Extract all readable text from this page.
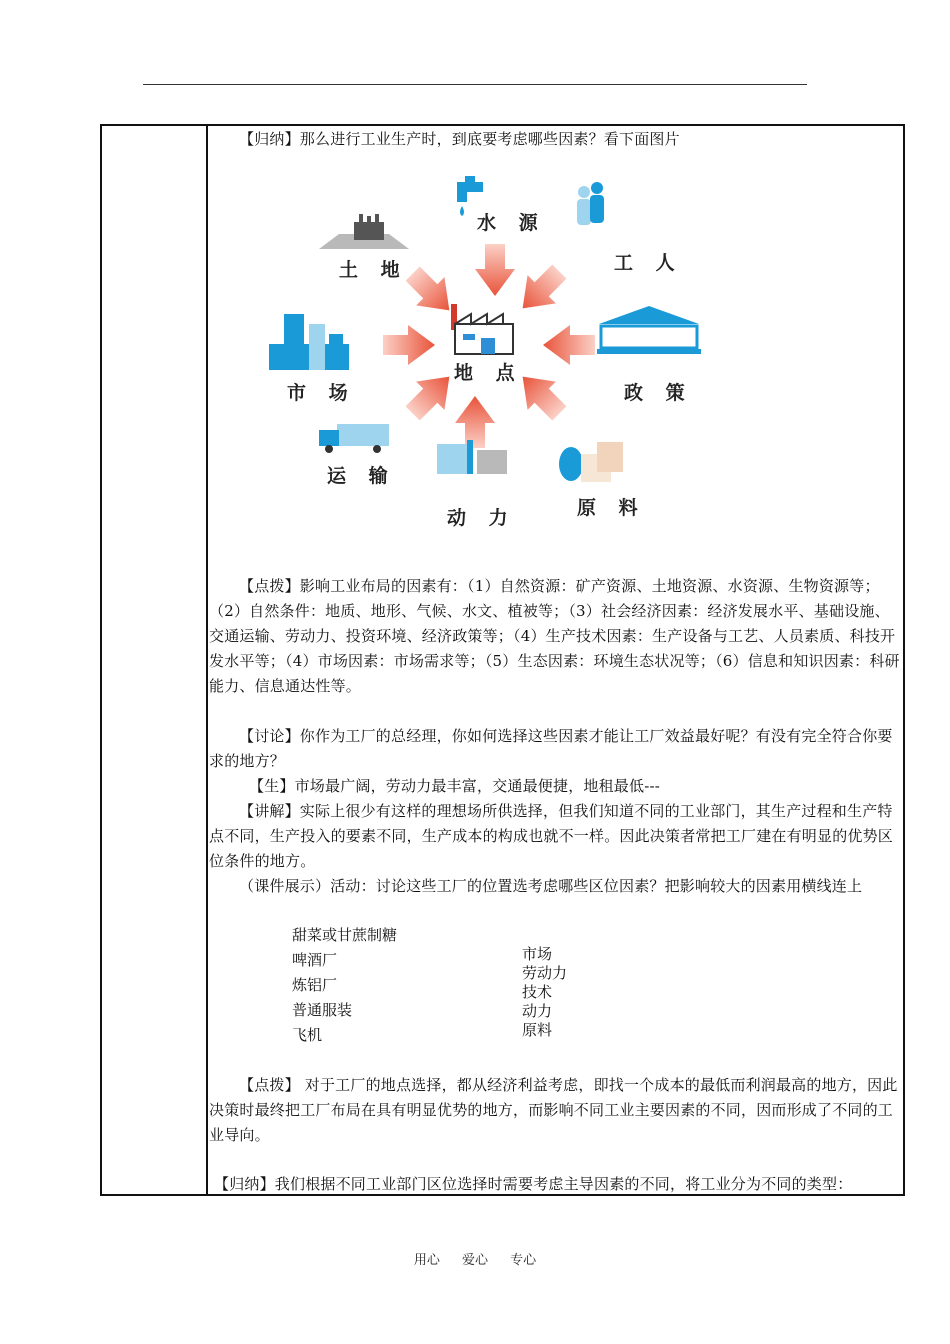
【归纳】那么进行工业生产时，到底要考虑哪些因素？看下面图片
地 点
水 源
土 地	工 人
市 场	政 策
运 输
动 力	原 料
【点拨】影响工业布局的因素有：（1）自然资源：矿产资源、土地资源、水资源、生物资源等；（2）自然条件：地质、地形、气候、水文、植被等；（3）社会经济因素：经济发展水平、基础设施、交通运输、劳动力、投资环境、经济政策等；（4）生产技术因素：生产设备与工艺、人员素质、科技开发水平等；（4）市场因素：市场需求等；（5）生态因素：环境生态状况等；（6）信息和知识因素：科研能力、信息通达性等。
【讨论】你作为工厂的总经理，你如何选择这些因素才能让工厂效益最好呢？有没有完全符合你要求的地方？
【生】市场最广阔，劳动力最丰富，交通最便捷，地租最低---
【讲解】实际上很少有这样的理想场所供选择，但我们知道不同的工业部门，其生产过程和生产特点不同，生产投入的要素不同，生产成本的构成也就不一样。因此决策者常把工厂建在有明显的优势区位条件的地方。
（课件展示）活动：讨论这些工厂的位置选考虑哪些区位因素？把影响较大的因素用横线连上
甜菜或甘蔗制糖
啤酒厂
炼铝厂
普通服装
飞机
市场
劳动力
技术
动力
原料
【点拨】 对于工厂的地点选择，都从经济利益考虑，即找一个成本的最低而利润最高的地方，因此决策时最终把工厂布局在具有明显优势的地方，而影响不同工业主要因素的不同，因而形成了不同的工业导向。
【归纳】我们根据不同工业部门区位选择时需要考虑主导因素的不同，将工业分为不同的类型：
用心 爱心 专心
